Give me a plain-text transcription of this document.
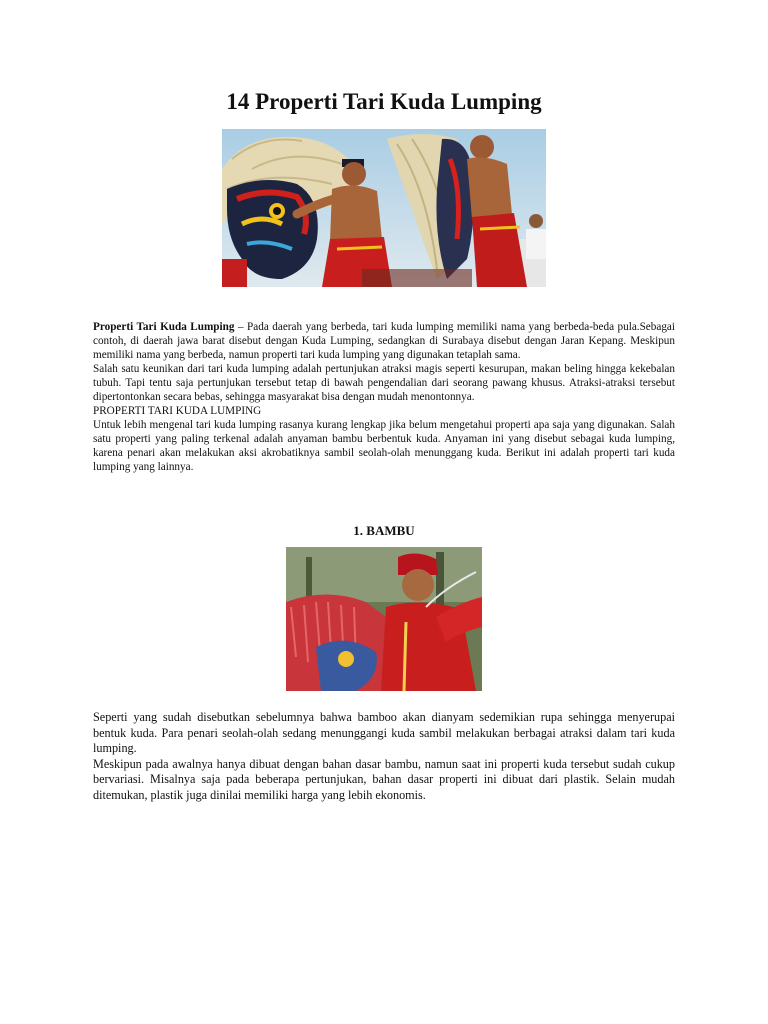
14 Properti Tari Kuda Lumping

Properti Tari Kuda Lumping – Pada daerah yang berbeda, tari kuda lumping memiliki nama yang berbeda-beda pula.Sebagai contoh, di daerah jawa barat disebut dengan Kuda Lumping, sedangkan di Surabaya disebut dengan Jaran Kepang. Meskipun memiliki nama yang berbeda, namun properti tari kuda lumping yang digunakan tetaplah sama.

Salah satu keunikan dari tari kuda lumping adalah pertunjukan atraksi magis seperti kesurupan, makan beling hingga kekebalan tubuh. Tapi tentu saja pertunjukan tersebut tetap di bawah pengendalian dari seorang pawang khusus. Atraksi-atraksi tersebut dipertontonkan secara bebas, sehingga masyarakat bisa dengan mudah menontonnya.

PROPERTI TARI KUDA LUMPING

Untuk lebih mengenal tari kuda lumping rasanya kurang lengkap jika belum mengetahui properti apa saja yang digunakan. Salah satu properti yang paling terkenal adalah anyaman bambu berbentuk kuda. Anyaman ini yang disebut sebagai kuda lumping, karena penari akan melakukan aksi akrobatiknya sambil seolah-olah menunggang kuda. Berikut ini adalah properti tari kuda lumping yang lainnya.

1. BAMBU

Seperti yang sudah disebutkan sebelumnya bahwa bamboo akan dianyam sedemikian rupa sehingga menyerupai bentuk kuda. Para penari seolah-olah sedang menunggangi kuda sambil melakukan berbagai atraksi dalam tari kuda lumping.

Meskipun pada awalnya hanya dibuat dengan bahan dasar bambu, namun saat ini properti kuda tersebut sudah cukup bervariasi. Misalnya saja pada beberapa pertunjukan, bahan dasar properti ini dibuat dari plastik. Selain mudah ditemukan, plastik juga dinilai memiliki harga yang lebih ekonomis.
